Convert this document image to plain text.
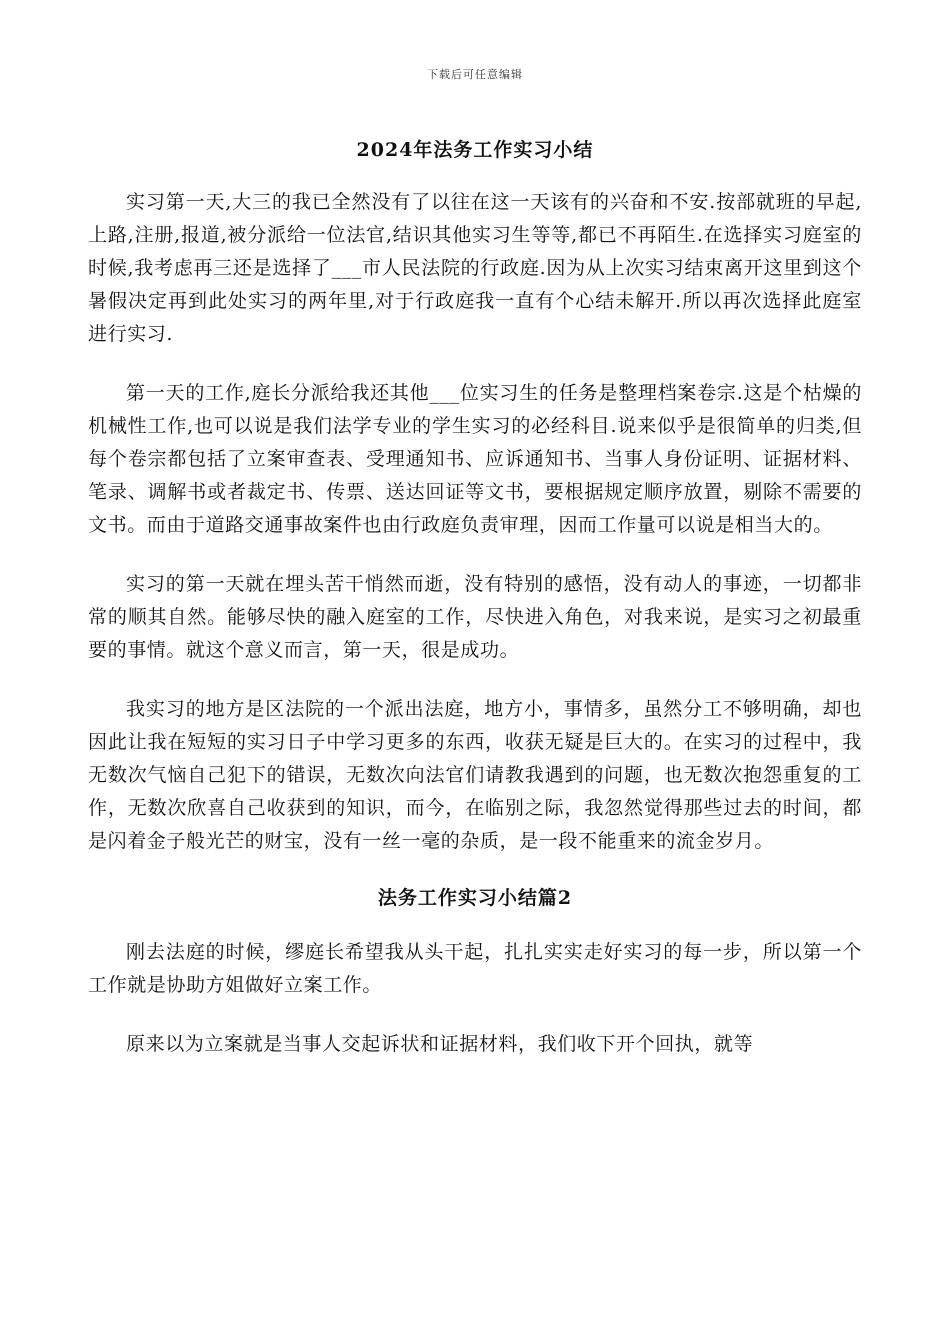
下载后可任意编辑
2024年法务工作实习小结

实习第一天,大三的我已全然没有了以往在这一天该有的兴奋和不安.按部就班的早起,上路,注册,报道,被分派给一位法官,结识其他实习生等等,都已不再陌生.在选择实习庭室的时候,我考虑再三还是选择了___市人民法院的行政庭.因为从上次实习结束离开这里到这个暑假决定再到此处实习的两年里,对于行政庭我一直有个心结未解开.所以再次选择此庭室进行实习.

第一天的工作,庭长分派给我还其他___位实习生的任务是整理档案卷宗.这是个枯燥的机械性工作,也可以说是我们法学专业的学生实习的必经科目.说来似乎是很简单的归类,但每个卷宗都包括了立案审查表、受理通知书、应诉通知书、当事人身份证明、证据材料、笔录、调解书或者裁定书、传票、送达回证等文书，要根据规定顺序放置，剔除不需要的文书。而由于道路交通事故案件也由行政庭负责审理，因而工作量可以说是相当大的。

实习的第一天就在埋头苦干悄然而逝，没有特别的感悟，没有动人的事迹，一切都非常的顺其自然。能够尽快的融入庭室的工作，尽快进入角色，对我来说，是实习之初最重要的事情。就这个意义而言，第一天，很是成功。

我实习的地方是区法院的一个派出法庭，地方小，事情多，虽然分工不够明确，却也因此让我在短短的实习日子中学习更多的东西，收获无疑是巨大的。在实习的过程中，我无数次气恼自己犯下的错误，无数次向法官们请教我遇到的问题，也无数次抱怨重复的工作，无数次欣喜自己收获到的知识，而今，在临别之际，我忽然觉得那些过去的时间，都是闪着金子般光芒的财宝，没有一丝一毫的杂质，是一段不能重来的流金岁月。

法务工作实习小结篇2

刚去法庭的时候，缪庭长希望我从头干起，扎扎实实走好实习的每一步，所以第一个工作就是协助方姐做好立案工作。

原来以为立案就是当事人交起诉状和证据材料，我们收下开个回执，就等
